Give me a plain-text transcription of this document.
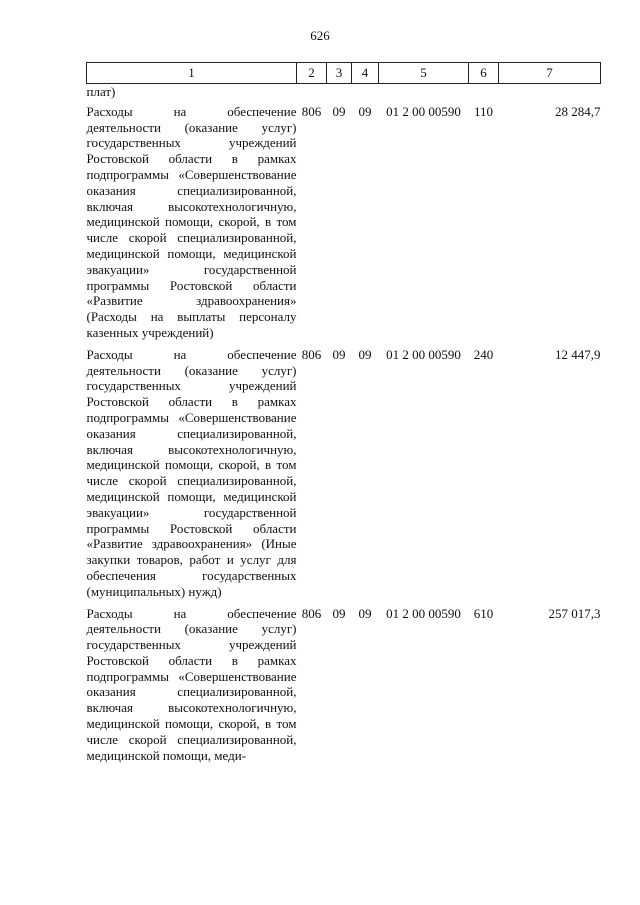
626
1	2	3	4	5	6	7
плат)						
Расходы на обеспечение деятельности (оказание услуг) государственных учреждений Ростовской области в рамках подпрограммы «Совершенствование оказания специализированной, включая высокотехнологичную, медицинской помощи, скорой, в том числе скорой специализированной, медицинской помощи, медицинской эвакуации» государственной программы Ростовской области «Развитие здравоохранения» (Расходы на выплаты персоналу казенных учреждений)	806	09	09	01 2 00 00590	110	28 284,7
Расходы на обеспечение деятельности (оказание услуг) государственных учреждений Ростовской области в рамках подпрограммы «Совершенствование оказания специализированной, включая высокотехнологичную, медицинской помощи, скорой, в том числе скорой специализированной, медицинской помощи, медицинской эвакуации» государственной программы Ростовской области «Развитие здравоохранения» (Иные закупки товаров, работ и услуг для обеспечения государственных (муниципальных) нужд)	806	09	09	01 2 00 00590	240	12 447,9
Расходы на обеспечение деятельности (оказание услуг) государственных учреждений Ростовской области в рамках подпрограммы «Совершенствование оказания специализированной, включая высокотехнологичную, медицинской помощи, скорой, в том числе скорой специализированной, медицинской помощи, меди-	806	09	09	01 2 00 00590	610	257 017,3
